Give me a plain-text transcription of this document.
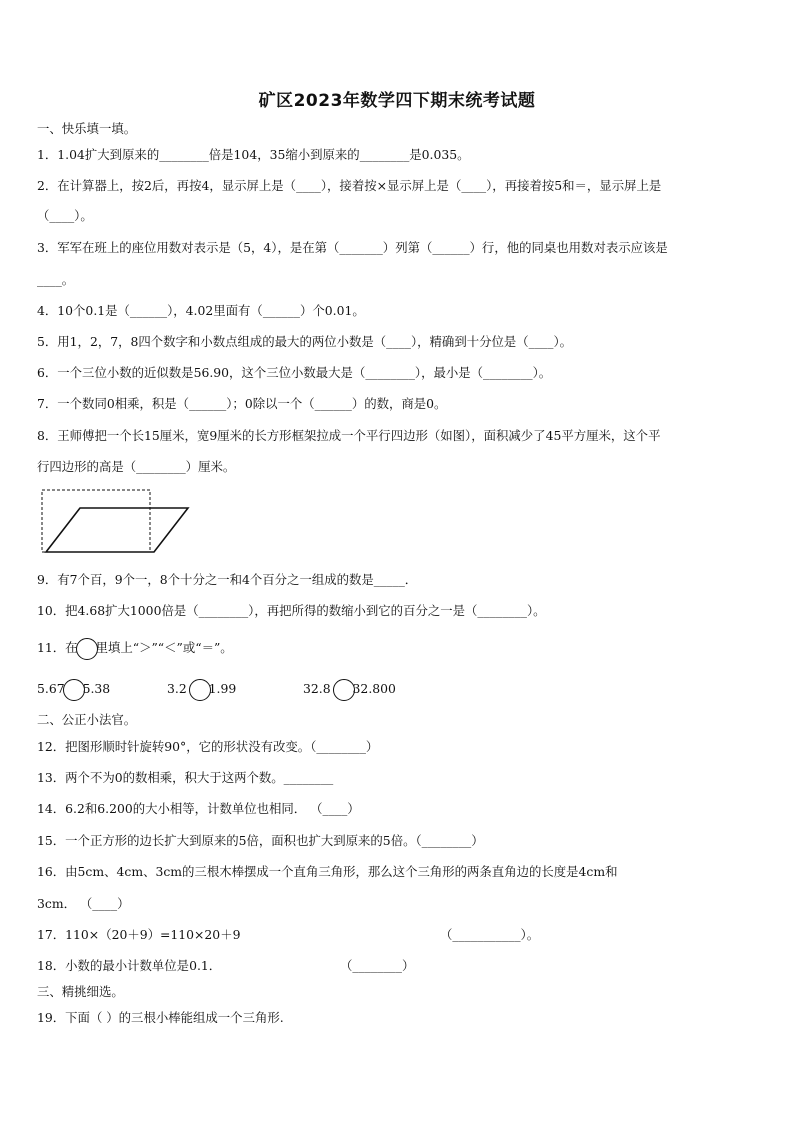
矿区2023年数学四下期末统考试题
一、快乐填一填。
1．1.04扩大到原来的________倍是104，35缩小到原来的________是0.035。
2．在计算器上，按2后，再按4，显示屏上是（____），接着按×显示屏上是（____），再接着按5和＝，显示屏上是
（____）。
3．军军在班上的座位用数对表示是（5，4），是在第（_______）列第（______）行，他的同桌也用数对表示应该是
____。
4．10个0.1是（______），4.02里面有（______）个0.01。
5．用1，2，7，8四个数字和小数点组成的最大的两位小数是（____），精确到十分位是（____）。
6．一个三位小数的近似数是56.90，这个三位小数最大是（________），最小是（________）。
7．一个数同0相乘，积是（______）；0除以一个（______）的数，商是0。
8．王师傅把一个长15厘米，宽9厘米的长方形框架拉成一个平行四边形（如图），面积减少了45平方厘米，这个平
行四边形的高是（________）厘米。
9．有7个百，9个一，8个十分之一和4个百分之一组成的数是_____．
10．把4.68扩大1000倍是（________），再把所得的数缩小到它的百分之一是（________）。
11．在 里填上“＞”“＜”或“＝”。
5.67 5.38	3.2 1.99	32.8 32.800
二、公正小法官。
12．把图形顺时针旋转90°，它的形状没有改变。（________）
13．两个不为0的数相乘，积大于这两个数。________
14．6.2和6.200的大小相等，计数单位也相同． （____）
15．一个正方形的边长扩大到原来的5倍，面积也扩大到原来的5倍。（________）
16．由5cm、4cm、3cm的三根木棒摆成一个直角三角形，那么这个三角形的两条直角边的长度是4cm和
3cm． （____）
17．110×（20＋9）=110×20＋9	（___________）。
18．小数的最小计数单位是0.1．	（________）
三、精挑细选。
19．下面（ ）的三根小棒能组成一个三角形.
